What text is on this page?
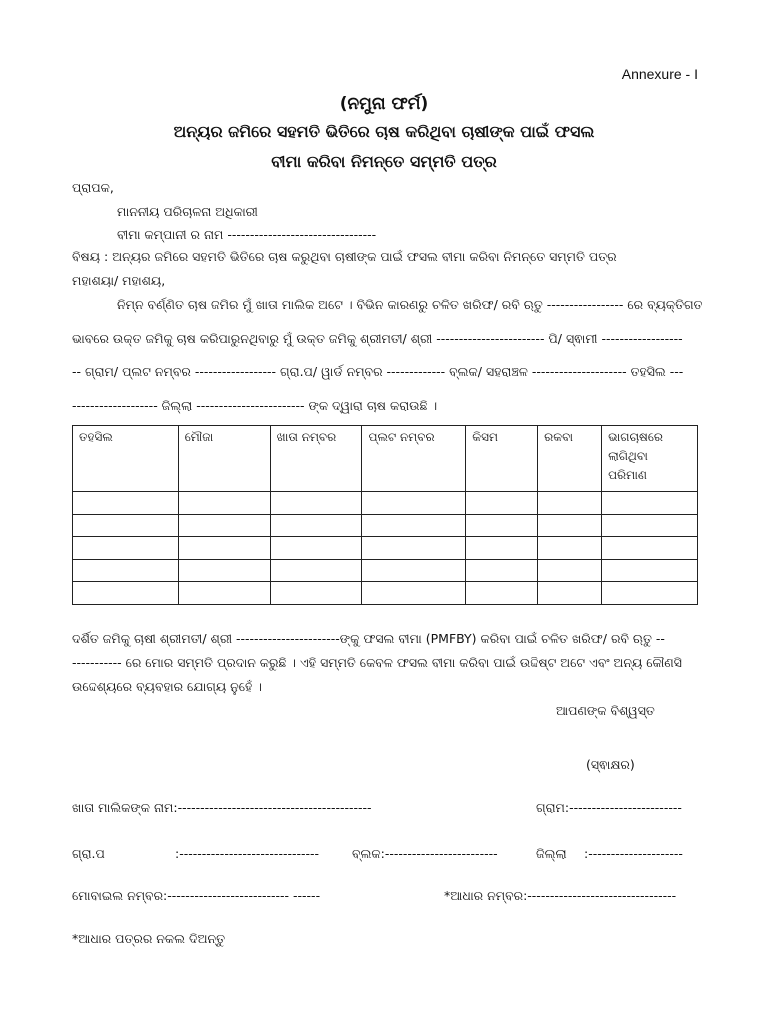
Annexure - I
(ନମୁନା ଫର୍ମ)
ଅନ୍ୟର ଜମିରେ ସହମତି ଭିତିରେ ଚାଷ କରିଥିବା ଚାଷୀଙ୍କ ପାଇଁ ଫସଲ
ବୀମା କରିବା ନିମନ୍ତେ ସମ୍ମତି ପତ୍ର
ପ୍ରାପକ,
ମାନନୀୟ ପରିଚାଳନା ଅଧିକାରୀ
ବୀମା କମ୍ପାନୀ ର ନାମ ---------------------------------
ବିଷୟ : ଅନ୍ୟର ଜମିରେ ସହମତି ଭିତିରେ ଚାଷ କରୁଥିବା ଚାଷୀଙ୍କ ପାଇଁ ଫସଲ ବୀମା କରିବା ନିମନ୍ତେ ସମ୍ମତି ପତ୍ର
ମହାଶୟା/ ମହାଶୟ,
ନିମ୍ନ ବର୍ଣ୍ଣିତ ଚାଷ ଜମିର ମୁଁ ଖାତା ମାଲିକ ଅଟେ । ବିଭିନ କାରଣରୁ ଚଳିତ ଖରିଫ/ ରବି ଋତୁ ----------------- ରେ ବ୍ୟକ୍ତିଗତ
ଭାବରେ ଉକ୍ତ ଜମିକୁ ଚାଷ କରିପାରୁନଥିବାରୁ ମୁଁ ଉକ୍ତ ଜମିକୁ ଶ୍ରୀମତୀ/ ଶ୍ରୀ ------------------------ ପି/ ସ୍ଵାମୀ ------------------
-- ଗ୍ରାମ/ ପ୍ଲଟ ନମ୍ବର ------------------ ଗ୍ରା.ପ/ ୱାର୍ଡ ନମ୍ବର ------------- ବ୍ଲକ/ ସହରାଞ୍ଚଳ --------------------- ତହସିଲ ---
------------------- ଜିଲ୍ଲା ------------------------ ଙ୍କ ଦ୍ୱାରା ଚାଷ କରାଉଛି ।
ତହସିଲ	ମୌଜା	ଖାତା ନମ୍ବର	ପ୍ଲଟ ନମ୍ବର	କିସମ	ରକବା	ଭାଗଚାଷରେ
ଲାଗିଥିବା
ପରିମାଣ

ଦର୍ଶିତ ଜମିକୁ ଚାଷୀ ଶ୍ରୀମତୀ/ ଶ୍ରୀ -----------------------ଙ୍କୁ ଫସଲ ବୀମା (PMFBY) କରିବା ପାଇଁ ଚଳିତ ଖରିଫ/ ରବି ଋତୁ --
----------- ରେ ମୋର ସମ୍ମତି ପ୍ରଦାନ କରୁଛି । ଏହି ସମ୍ମତି କେବଳ ଫସଲ ବୀମା କରିବା ପାଇଁ ଉଦ୍ଦିଷ୍ଟ ଅଟେ ଏବଂ ଅନ୍ୟ କୌଣସି
ଉଦ୍ଦେଶ୍ୟରେ ବ୍ୟବହାର ଯୋଗ୍ୟ ନୁହେଁ ।
ଆପଣଙ୍କ ବିଶ୍ୱସ୍ତ
(ସ୍ଵାକ୍ଷର)
ଖାତା ମାଲିକଙ୍କ ନାମ:-------------------------------------------	ଗ୍ରାମ:-------------------------
ଗ୍ରା.ପ	:-------------------------------	ବ୍ଲକ:-------------------------	ଜିଲ୍ଲା :---------------------
ମୋବାଇଲ ନମ୍ବର:--------------------------- ------	*ଆଧାର ନମ୍ବର:---------------------------------
*ଆଧାର ପତ୍ରର ନକଲ ଦିଅନ୍ତୁ
